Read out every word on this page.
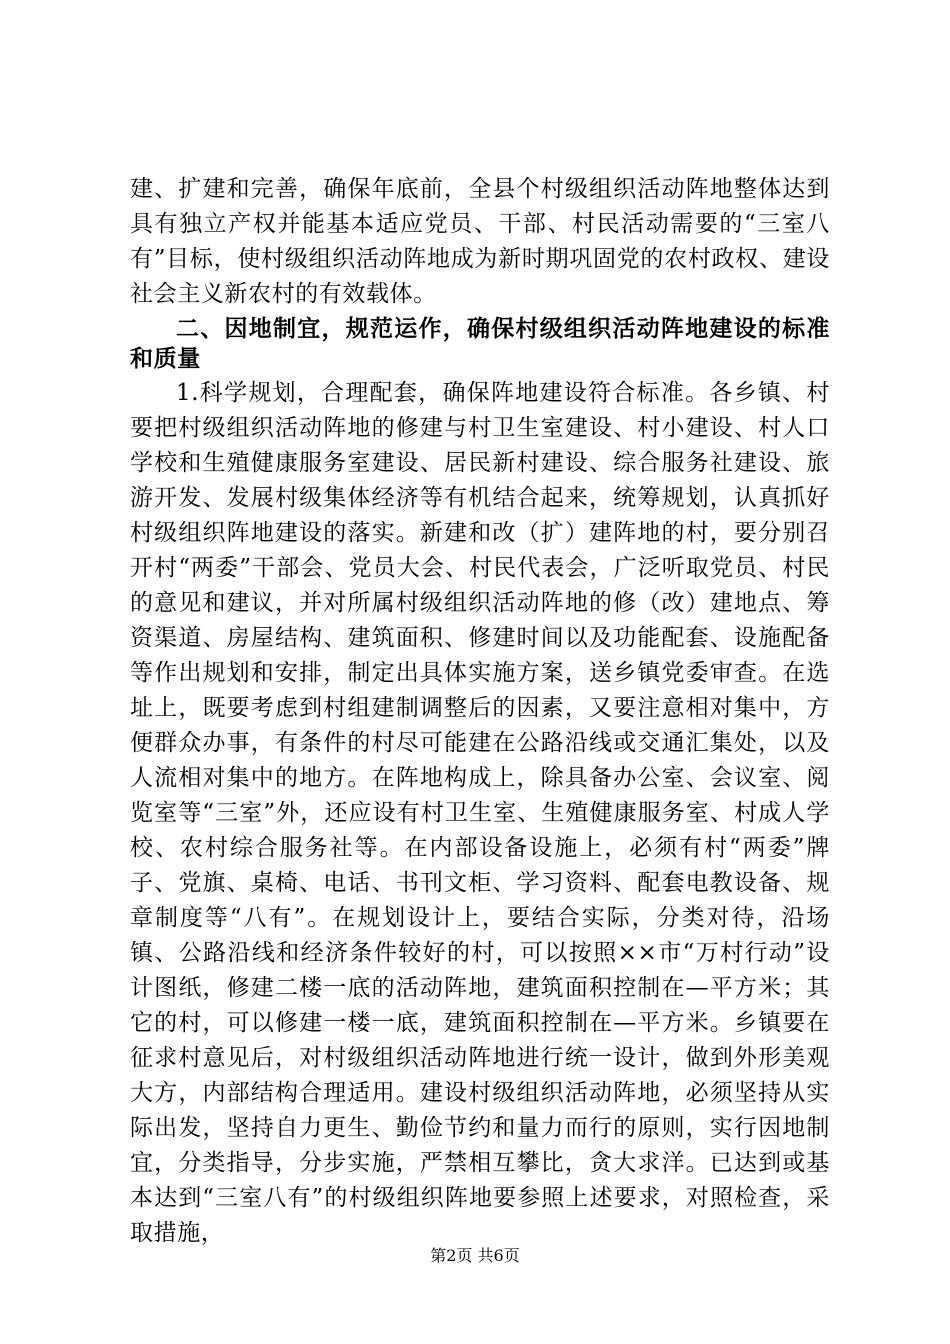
建、扩建和完善，确保年底前，全县个村级组织活动阵地整体达到具有独立产权并能基本适应党员、干部、村民活动需要的“三室八有”目标，使村级组织活动阵地成为新时期巩固党的农村政权、建设社会主义新农村的有效载体。

二、因地制宜，规范运作，确保村级组织活动阵地建设的标准和质量

1.科学规划，合理配套，确保阵地建设符合标准。各乡镇、村要把村级组织活动阵地的修建与村卫生室建设、村小建设、村人口学校和生殖健康服务室建设、居民新村建设、综合服务社建设、旅游开发、发展村级集体经济等有机结合起来，统筹规划，认真抓好村级组织阵地建设的落实。新建和改（扩）建阵地的村，要分别召开村“两委”干部会、党员大会、村民代表会，广泛听取党员、村民的意见和建议，并对所属村级组织活动阵地的修（改）建地点、筹资渠道、房屋结构、建筑面积、修建时间以及功能配套、设施配备等作出规划和安排，制定出具体实施方案，送乡镇党委审查。在选址上，既要考虑到村组建制调整后的因素，又要注意相对集中，方便群众办事，有条件的村尽可能建在公路沿线或交通汇集处，以及人流相对集中的地方。在阵地构成上，除具备办公室、会议室、阅览室等“三室”外，还应设有村卫生室、生殖健康服务室、村成人学校、农村综合服务社等。在内部设备设施上，必须有村“两委”牌子、党旗、桌椅、电话、书刊文柜、学习资料、配套电教设备、规章制度等“八有”。在规划设计上，要结合实际，分类对待，沿场镇、公路沿线和经济条件较好的村，可以按照××市“万村行动”设计图纸，修建二楼一底的活动阵地，建筑面积控制在—平方米；其它的村，可以修建一楼一底，建筑面积控制在—平方米。乡镇要在征求村意见后，对村级组织活动阵地进行统一设计，做到外形美观大方，内部结构合理适用。建设村级组织活动阵地，必须坚持从实际出发，坚持自力更生、勤俭节约和量力而行的原则，实行因地制宜，分类指导，分步实施，严禁相互攀比，贪大求洋。已达到或基本达到“三室八有”的村级组织阵地要参照上述要求，对照检查，采取措施，

第2页 共6页
